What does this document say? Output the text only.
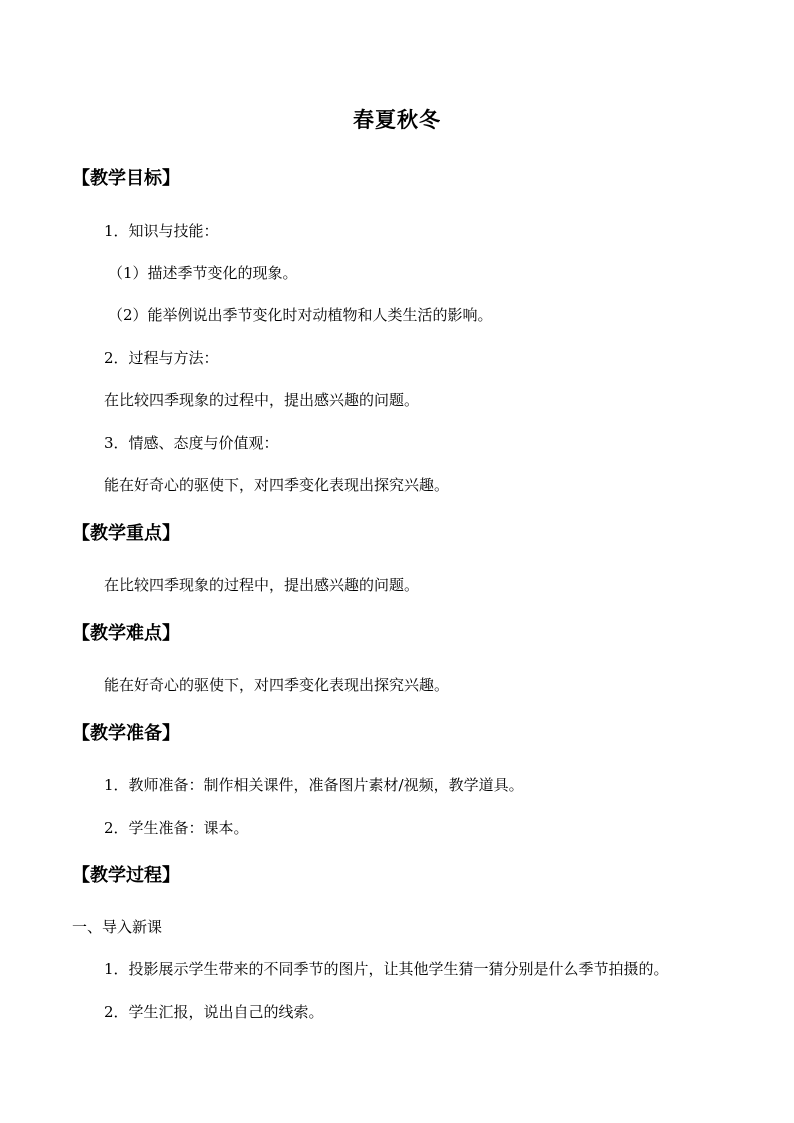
春夏秋冬
【教学目标】
1．知识与技能：
（1）描述季节变化的现象。
（2）能举例说出季节变化时对动植物和人类生活的影响。
2．过程与方法：
在比较四季现象的过程中，提出感兴趣的问题。
3．情感、态度与价值观：
能在好奇心的驱使下，对四季变化表现出探究兴趣。
【教学重点】
在比较四季现象的过程中，提出感兴趣的问题。
【教学难点】
能在好奇心的驱使下，对四季变化表现出探究兴趣。
【教学准备】
1．教师准备：制作相关课件，准备图片素材/视频，教学道具。
2．学生准备：课本。
【教学过程】
一、导入新课
1．投影展示学生带来的不同季节的图片，让其他学生猜一猜分别是什么季节拍摄的。
2．学生汇报，说出自己的线索。
